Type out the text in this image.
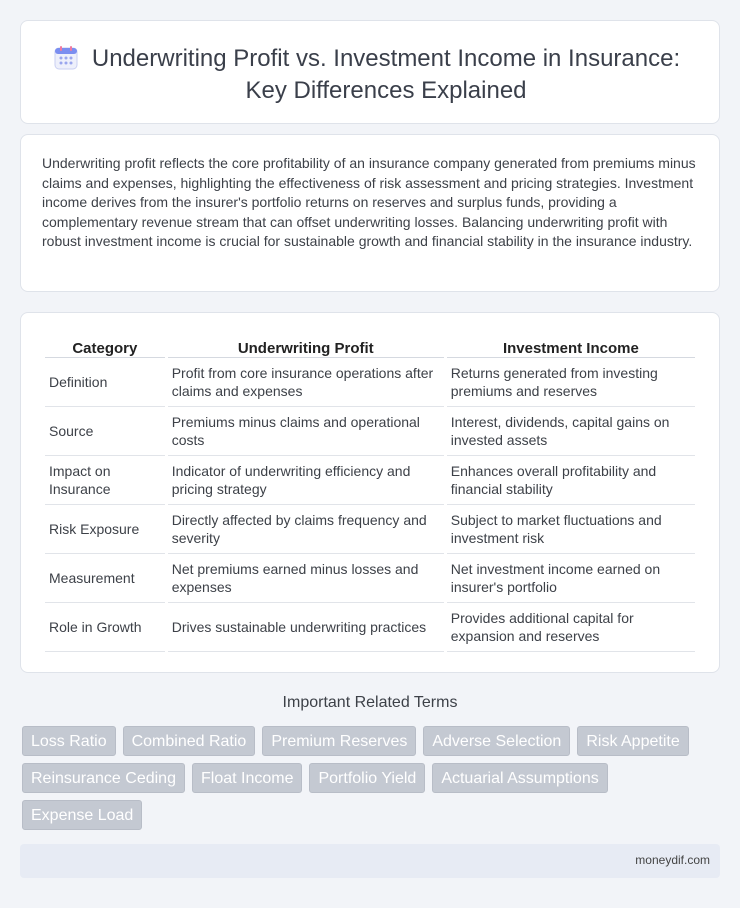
Underwriting Profit vs. Investment Income in Insurance: Key Differences Explained

Underwriting profit reflects the core profitability of an insurance company generated from premiums minus claims and expenses, highlighting the effectiveness of risk assessment and pricing strategies. Investment income derives from the insurer's portfolio returns on reserves and surplus funds, providing a complementary revenue stream that can offset underwriting losses. Balancing underwriting profit with robust investment income is crucial for sustainable growth and financial stability in the insurance industry.

Category	Underwriting Profit	Investment Income
Definition	Profit from core insurance operations after claims and expenses	Returns generated from investing premiums and reserves
Source	Premiums minus claims and operational costs	Interest, dividends, capital gains on invested assets
Impact on Insurance	Indicator of underwriting efficiency and pricing strategy	Enhances overall profitability and financial stability
Risk Exposure	Directly affected by claims frequency and severity	Subject to market fluctuations and investment risk
Measurement	Net premiums earned minus losses and expenses	Net investment income earned on insurer's portfolio
Role in Growth	Drives sustainable underwriting practices	Provides additional capital for expansion and reserves
Important Related Terms
Loss Ratio	Combined Ratio	Premium Reserves	Adverse Selection	Risk Appetite
Reinsurance Ceding	Float Income	Portfolio Yield	Actuarial Assumptions
Expense Load
moneydif.com
